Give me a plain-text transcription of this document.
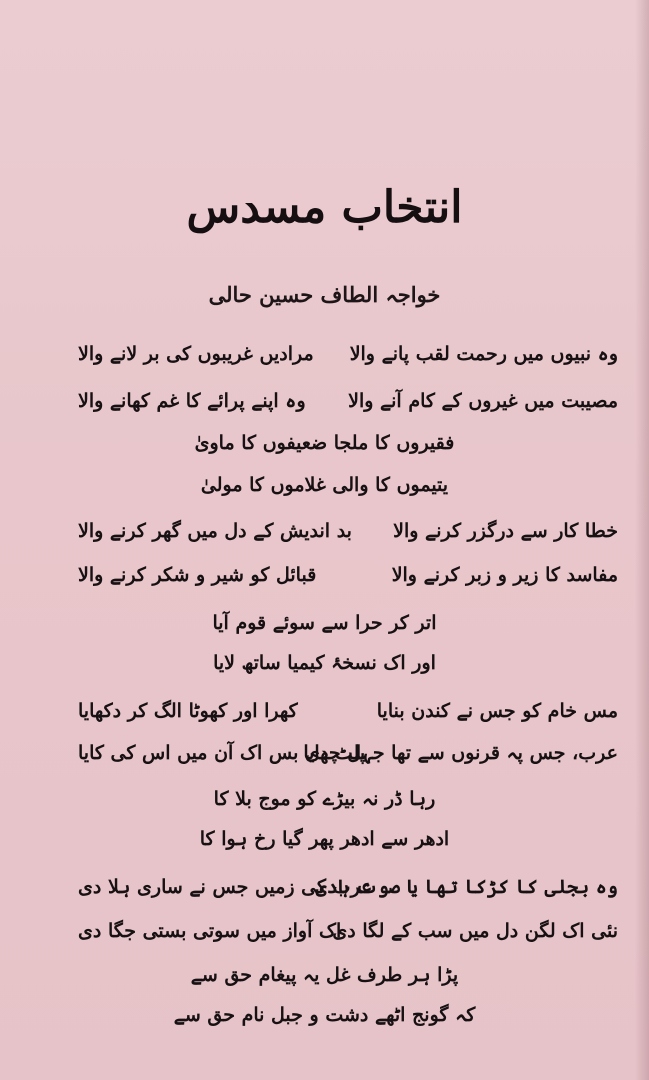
انتخاب مسدس
خواجہ الطاف حسین حالی
وہ نبیوں میں رحمت لقب پانے والا
مرادیں غریبوں کی بر لانے والا
مصیبت میں غیروں کے کام آنے والا
وہ اپنے پرائے کا غم کھانے والا
فقیروں کا ملجا ضعیفوں کا ماویٰ
یتیموں کا والی غلاموں کا مولیٰ
خطا کار سے درگزر کرنے والا
بد اندیش کے دل میں گھر کرنے والا
مفاسد کا زیر و زبر کرنے والا
قبائل کو شیر و شکر کرنے والا
اتر کر حرا سے سوئے قوم آیا
اور اک نسخۂ کیمیا ساتھ لایا
مس خام کو جس نے کندن بنایا
کھرا اور کھوٹا الگ کر دکھایا
عرب، جس پہ قرنوں سے تھا جہل چھایا
پلٹ دی بس اک آن میں اس کی کایا
رہا ڈر نہ بیڑے کو موج بلا کا
ادھر سے ادھر پھر گیا رخ ہوا کا
وہ بجلی کا کڑکا تھا یا صوت ہادی
عرب کی زمیں جس نے ساری ہلا دی
نئی اک لگن دل میں سب کے لگا دی
اک آواز میں سوتی بستی جگا دی
پڑا ہر طرف غل یہ پیغام حق سے
کہ گونج اٹھے دشت و جبل نام حق سے
